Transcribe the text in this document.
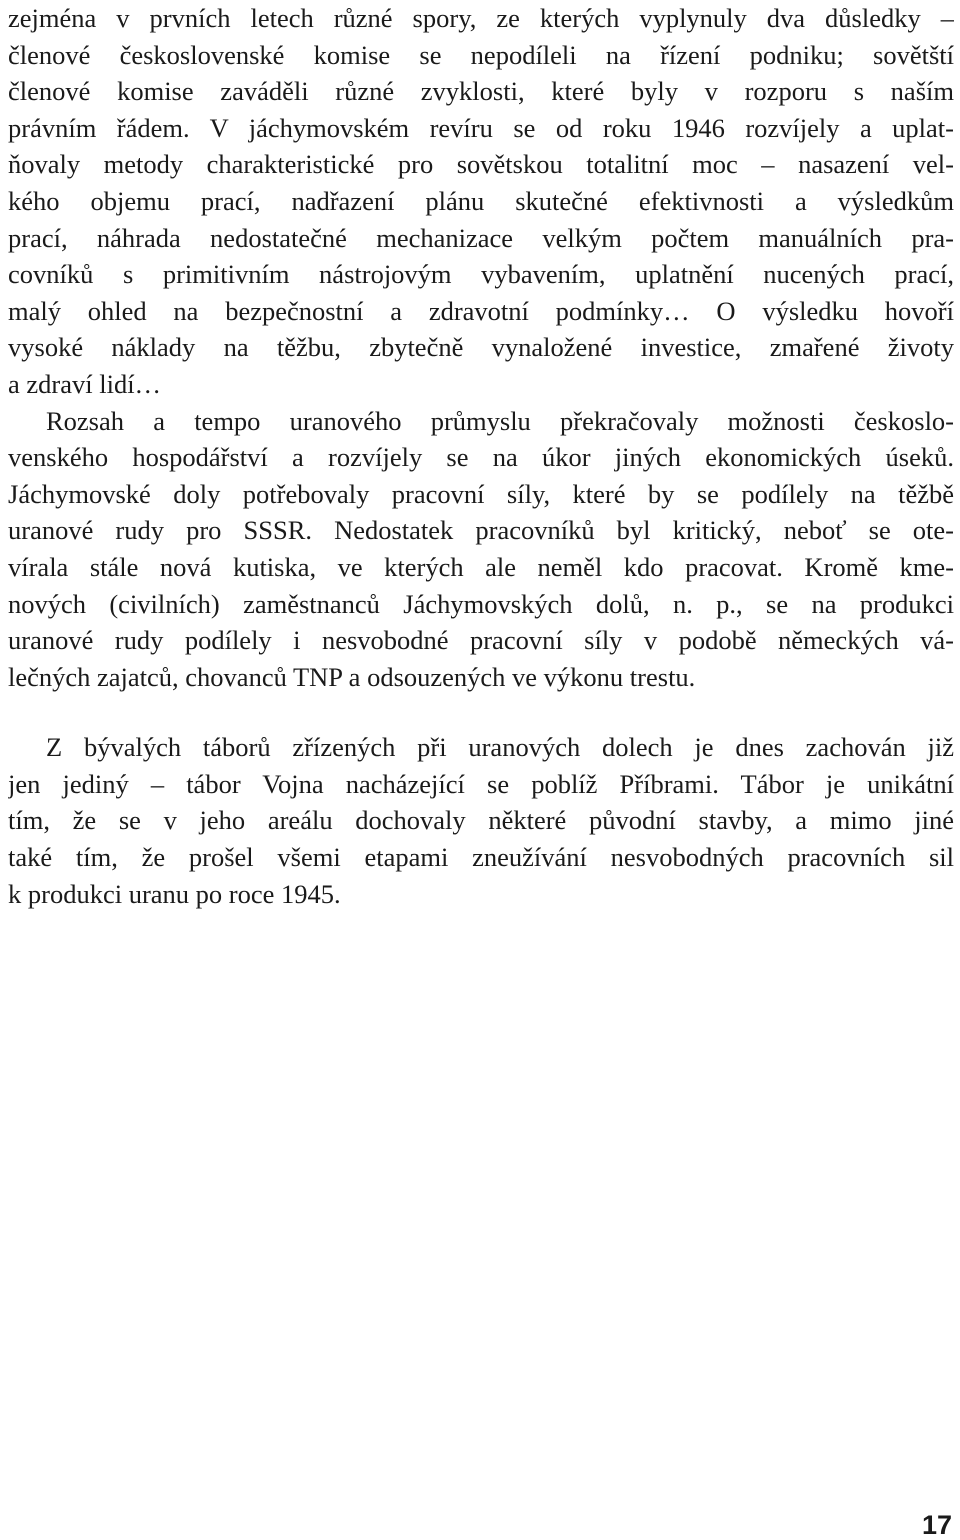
zejména v prvních letech různé spory, ze kterých vyplynuly dva důsledky –
členové československé komise se nepodíleli na řízení podniku; sovětští
členové komise zaváděli různé zvyklosti, které byly v rozporu s naším
právním řádem. V jáchymovském revíru se od roku 1946 rozvíjely a uplat-
ňovaly metody charakteristické pro sovětskou totalitní moc – nasazení vel-
kého objemu prací, nadřazení plánu skutečné efektivnosti a výsledkům
prací, náhrada nedostatečné mechanizace velkým počtem manuálních pra-
covníků s primitivním nástrojovým vybavením, uplatnění nucených prací,
malý ohled na bezpečnostní a zdravotní podmínky… O výsledku hovoří
vysoké náklady na těžbu, zbytečně vynaložené investice, zmařené životy
a zdraví lidí…
Rozsah a tempo uranového průmyslu překračovaly možnosti českoslo-
venského hospodářství a rozvíjely se na úkor jiných ekonomických úseků.
Jáchymovské doly potřebovaly pracovní síly, které by se podílely na těžbě
uranové rudy pro SSSR. Nedostatek pracovníků byl kritický, neboť se ote-
vírala stále nová kutiska, ve kterých ale neměl kdo pracovat. Kromě kme-
nových (civilních) zaměstnanců Jáchymovských dolů, n. p., se na produkci
uranové rudy podílely i nesvobodné pracovní síly v podobě německých vá-
lečných zajatců, chovanců TNP a odsouzených ve výkonu trestu.
Z bývalých táborů zřízených při uranových dolech je dnes zachován již
jen jediný – tábor Vojna nacházející se poblíž Příbrami. Tábor je unikátní
tím, že se v jeho areálu dochovaly některé původní stavby, a mimo jiné
také tím, že prošel všemi etapami zneužívání nesvobodných pracovních sil
k produkci uranu po roce 1945.
17
